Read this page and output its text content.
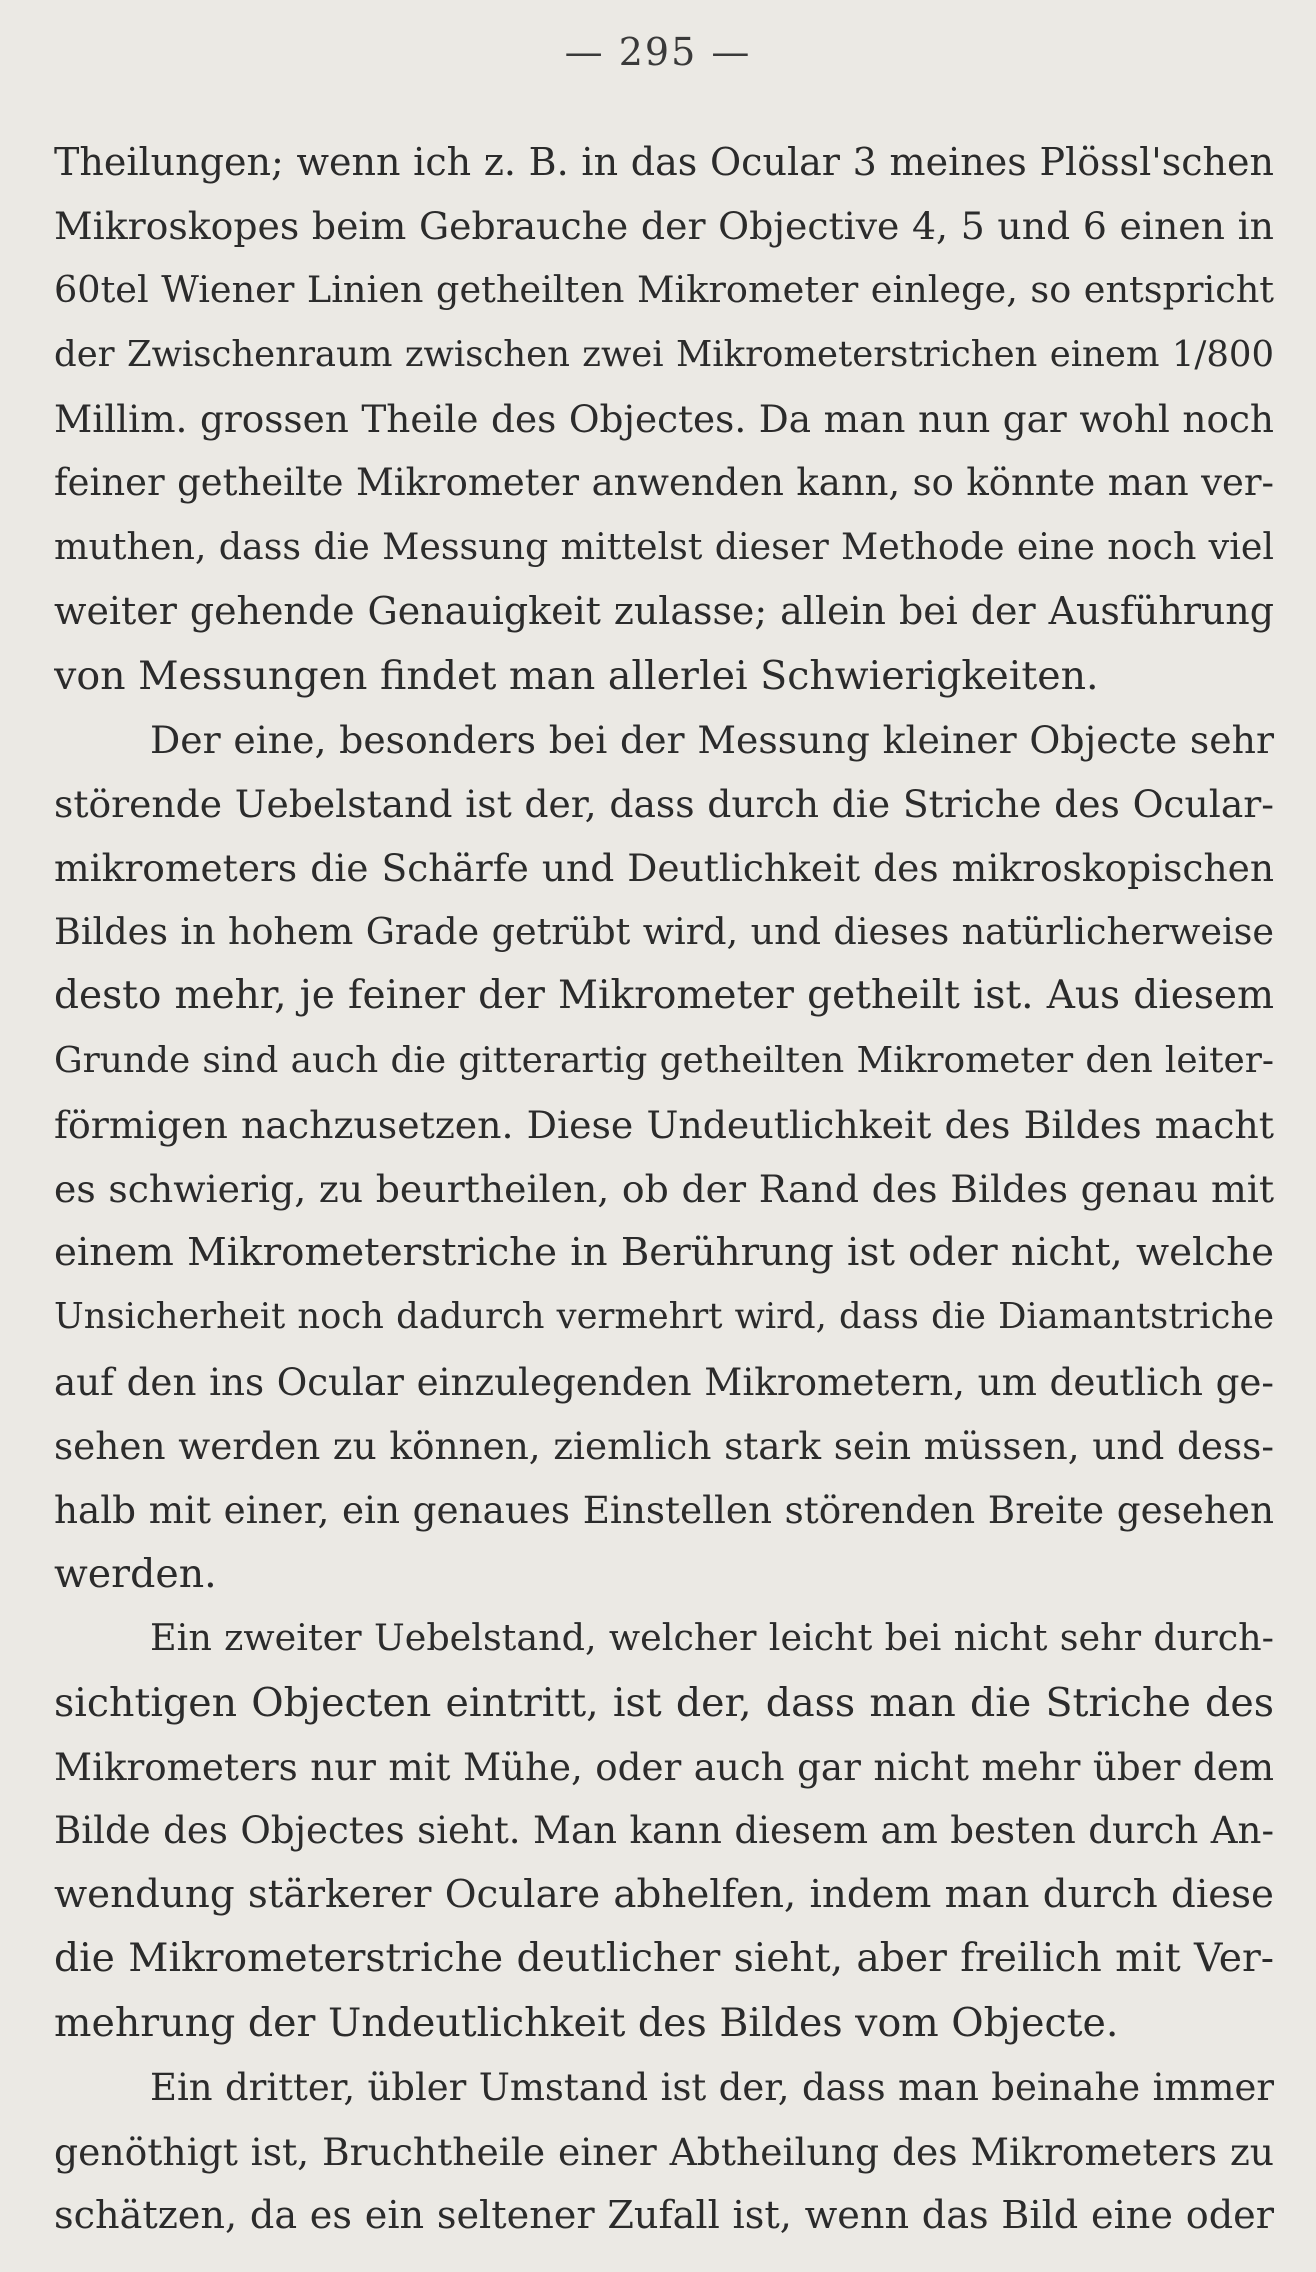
— 295 —
Theilungen; wenn ich z. B. in das Ocular 3 meines Plössl'schen
Mikroskopes beim Gebrauche der Objective 4, 5 und 6 einen in
60tel Wiener Linien getheilten Mikrometer einlege, so entspricht
der Zwischenraum zwischen zwei Mikrometerstrichen einem 1/800
Millim. grossen Theile des Objectes. Da man nun gar wohl noch
feiner getheilte Mikrometer anwenden kann, so könnte man ver-
muthen, dass die Messung mittelst dieser Methode eine noch viel
weiter gehende Genauigkeit zulasse; allein bei der Ausführung
von Messungen findet man allerlei Schwierigkeiten.
Der eine, besonders bei der Messung kleiner Objecte sehr
störende Uebelstand ist der, dass durch die Striche des Ocular-
mikrometers die Schärfe und Deutlichkeit des mikroskopischen
Bildes in hohem Grade getrübt wird, und dieses natürlicherweise
desto mehr, je feiner der Mikrometer getheilt ist. Aus diesem
Grunde sind auch die gitterartig getheilten Mikrometer den leiter-
förmigen nachzusetzen. Diese Undeutlichkeit des Bildes macht
es schwierig, zu beurtheilen, ob der Rand des Bildes genau mit
einem Mikrometerstriche in Berührung ist oder nicht, welche
Unsicherheit noch dadurch vermehrt wird, dass die Diamantstriche
auf den ins Ocular einzulegenden Mikrometern, um deutlich ge-
sehen werden zu können, ziemlich stark sein müssen, und dess-
halb mit einer, ein genaues Einstellen störenden Breite gesehen
werden.
Ein zweiter Uebelstand, welcher leicht bei nicht sehr durch-
sichtigen Objecten eintritt, ist der, dass man die Striche des
Mikrometers nur mit Mühe, oder auch gar nicht mehr über dem
Bilde des Objectes sieht. Man kann diesem am besten durch An-
wendung stärkerer Oculare abhelfen, indem man durch diese
die Mikrometerstriche deutlicher sieht, aber freilich mit Ver-
mehrung der Undeutlichkeit des Bildes vom Objecte.
Ein dritter, übler Umstand ist der, dass man beinahe immer
genöthigt ist, Bruchtheile einer Abtheilung des Mikrometers zu
schätzen, da es ein seltener Zufall ist, wenn das Bild eine oder
